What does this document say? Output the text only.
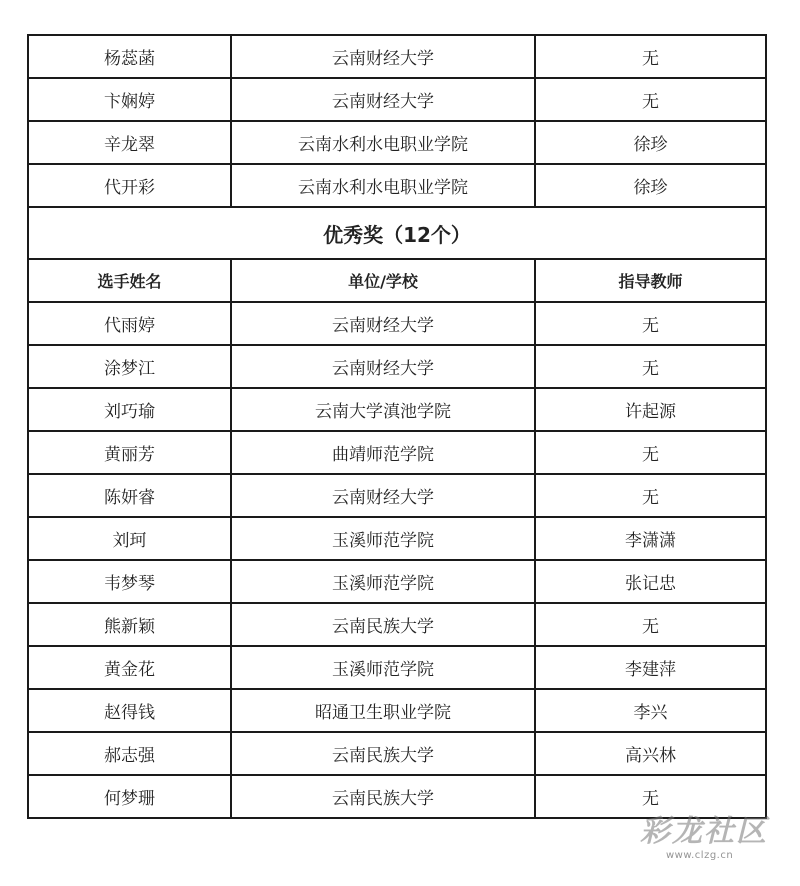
杨蕊菡	云南财经大学	无
卞娴婷	云南财经大学	无
辛龙翠	云南水利水电职业学院	徐珍
代开彩	云南水利水电职业学院	徐珍
优秀奖（12个）		
选手姓名	单位/学校	指导教师
代雨婷	云南财经大学	无
涂梦江	云南财经大学	无
刘巧瑜	云南大学滇池学院	许起源
黄丽芳	曲靖师范学院	无
陈妍睿	云南财经大学	无
刘珂	玉溪师范学院	李潇潇
韦梦琴	玉溪师范学院	张记忠
熊新颖	云南民族大学	无
黄金花	玉溪师范学院	李建萍
赵得钱	昭通卫生职业学院	李兴
郝志强	云南民族大学	高兴林
何梦珊	云南民族大学	无
彩龙社区
www.clzg.cn
